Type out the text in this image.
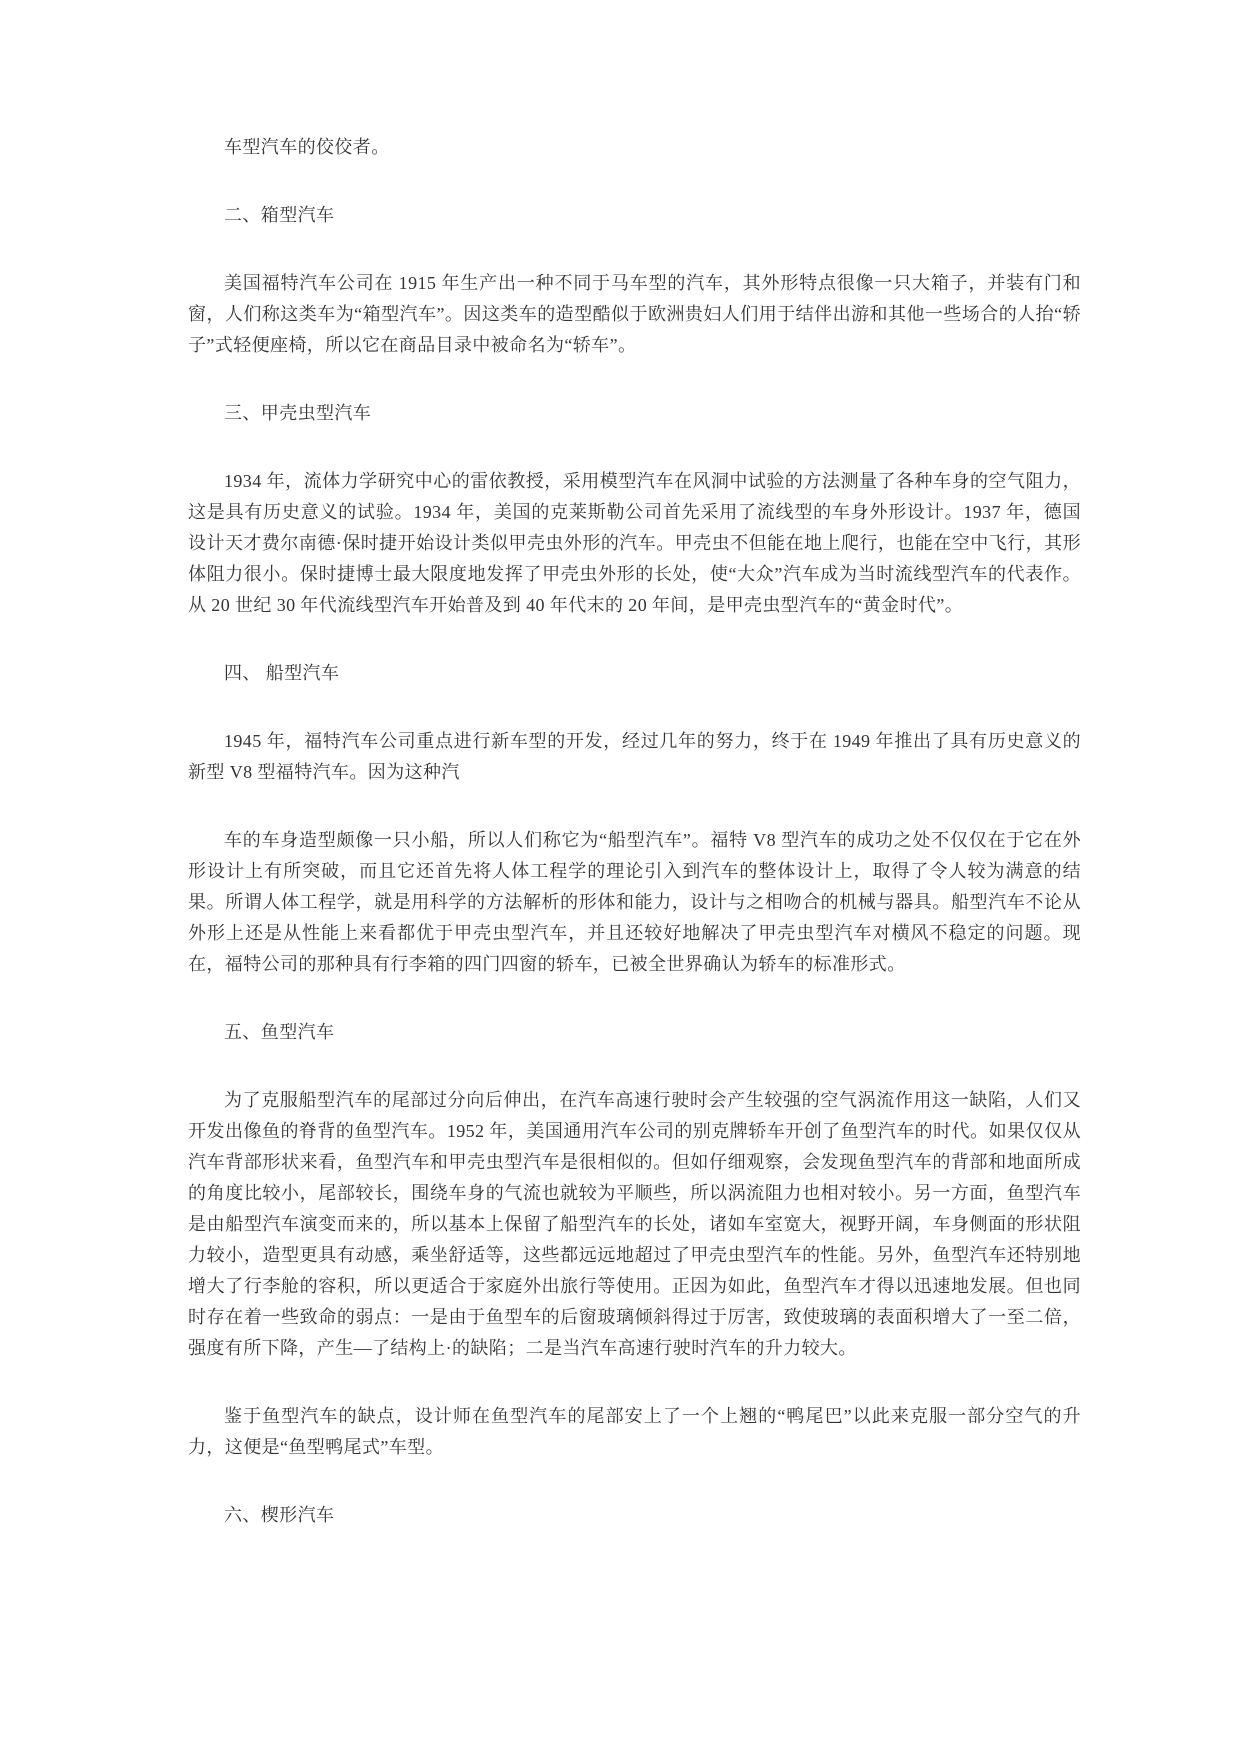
车型汽车的佼佼者。

二、箱型汽车

美国福特汽车公司在 1915 年生产出一种不同于马车型的汽车，其外形特点很像一只大箱子，并装有门和窗，人们称这类车为“箱型汽车”。因这类车的造型酷似于欧洲贵妇人们用于结伴出游和其他一些场合的人抬“轿子”式轻便座椅，所以它在商品目录中被命名为“轿车”。

三、甲壳虫型汽车

1934 年，流体力学研究中心的雷依教授，采用模型汽车在风洞中试验的方法测量了各种车身的空气阻力，这是具有历史意义的试验。1934 年，美国的克莱斯勒公司首先采用了流线型的车身外形设计。1937 年，德国设计天才费尔南德·保时捷开始设计类似甲壳虫外形的汽车。甲壳虫不但能在地上爬行，也能在空中飞行，其形体阻力很小。保时捷博士最大限度地发挥了甲壳虫外形的长处，使“大众”汽车成为当时流线型汽车的代表作。从 20 世纪 30 年代流线型汽车开始普及到 40 年代末的 20 年间，是甲壳虫型汽车的“黄金时代”。

四、 船型汽车

1945 年，福特汽车公司重点进行新车型的开发，经过几年的努力，终于在 1949 年推出了具有历史意义的新型 V8 型福特汽车。因为这种汽

车的车身造型颇像一只小船，所以人们称它为“船型汽车”。福特 V8 型汽车的成功之处不仅仅在于它在外形设计上有所突破，而且它还首先将人体工程学的理论引入到汽车的整体设计上，取得了令人较为满意的结果。所谓人体工程学，就是用科学的方法解析的形体和能力，设计与之相吻合的机械与器具。船型汽车不论从外形上还是从性能上来看都优于甲壳虫型汽车，并且还较好地解决了甲壳虫型汽车对横风不稳定的问题。现在，福特公司的那种具有行李箱的四门四窗的轿车，已被全世界确认为轿车的标准形式。

五、鱼型汽车

为了克服船型汽车的尾部过分向后伸出，在汽车高速行驶时会产生较强的空气涡流作用这一缺陷，人们又开发出像鱼的脊背的鱼型汽车。1952 年，美国通用汽车公司的别克牌轿车开创了鱼型汽车的时代。如果仅仅从汽车背部形状来看，鱼型汽车和甲壳虫型汽车是很相似的。但如仔细观察，会发现鱼型汽车的背部和地面所成的角度比较小，尾部较长，围绕车身的气流也就较为平顺些，所以涡流阻力也相对较小。另一方面，鱼型汽车是由船型汽车演变而来的，所以基本上保留了船型汽车的长处，诸如车室宽大，视野开阔，车身侧面的形状阻力较小，造型更具有动感，乘坐舒适等，这些都远远地超过了甲壳虫型汽车的性能。另外，鱼型汽车还特别地增大了行李舱的容积，所以更适合于家庭外出旅行等使用。正因为如此，鱼型汽车才得以迅速地发展。但也同时存在着一些致命的弱点：一是由于鱼型车的后窗玻璃倾斜得过于厉害，致使玻璃的表面积增大了一至二倍，强度有所下降，产生—了结构上·的缺陷；二是当汽车高速行驶时汽车的升力较大。

鉴于鱼型汽车的缺点，设计师在鱼型汽车的尾部安上了一个上翘的“鸭尾巴”以此来克服一部分空气的升力，这便是“鱼型鸭尾式”车型。

六、楔形汽车
